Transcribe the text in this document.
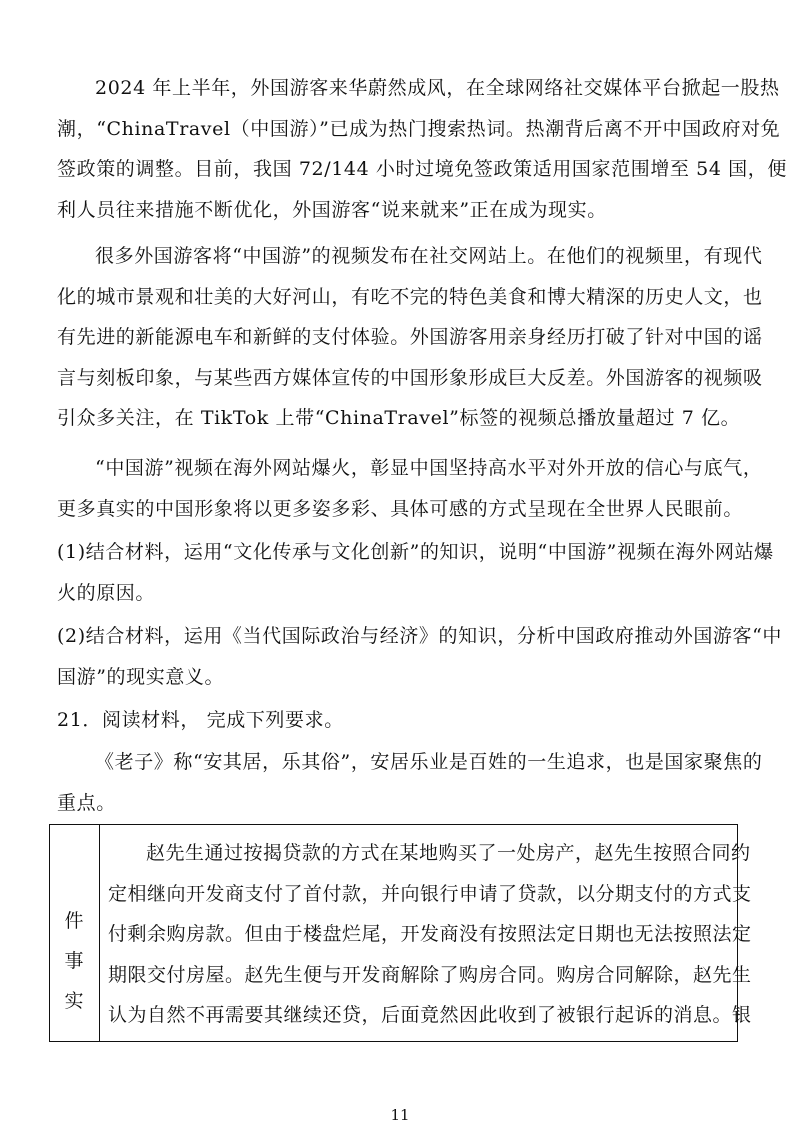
2024 年上半年，外国游客来华蔚然成风，在全球网络社交媒体平台掀起一股热
潮，“ChinaTravel（中国游）”已成为热门搜索热词。热潮背后离不开中国政府对免
签政策的调整。目前，我国 72/144 小时过境免签政策适用国家范围增至 54 国，便
利人员往来措施不断优化，外国游客“说来就来”正在成为现实。

很多外国游客将“中国游”的视频发布在社交网站上。在他们的视频里，有现代
化的城市景观和壮美的大好河山，有吃不完的特色美食和博大精深的历史人文，也
有先进的新能源电车和新鲜的支付体验。外国游客用亲身经历打破了针对中国的谣
言与刻板印象，与某些西方媒体宣传的中国形象形成巨大反差。外国游客的视频吸
引众多关注，在 TikTok 上带“ChinaTravel”标签的视频总播放量超过 7 亿。

“中国游”视频在海外网站爆火，彰显中国坚持高水平对外开放的信心与底气，
更多真实的中国形象将以更多姿多彩、具体可感的方式呈现在全世界人民眼前。

(1)结合材料，运用“文化传承与文化创新”的知识，说明“中国游”视频在海外网站爆
火的原因。

(2)结合材料，运用《当代国际政治与经济》的知识，分析中国政府推动外国游客“中
国游”的现实意义。

21．阅读材料， 完成下列要求。

《老子》称“安其居，乐其俗”，安居乐业是百姓的一生追求，也是国家聚焦的
重点。

件
事
实

赵先生通过按揭贷款的方式在某地购买了一处房产，赵先生按照合同约
定相继向开发商支付了首付款，并向银行申请了贷款，以分期支付的方式支
付剩余购房款。但由于楼盘烂尾，开发商没有按照法定日期也无法按照法定
期限交付房屋。赵先生便与开发商解除了购房合同。购房合同解除，赵先生
认为自然不再需要其继续还贷，后面竟然因此收到了被银行起诉的消息。银

11
